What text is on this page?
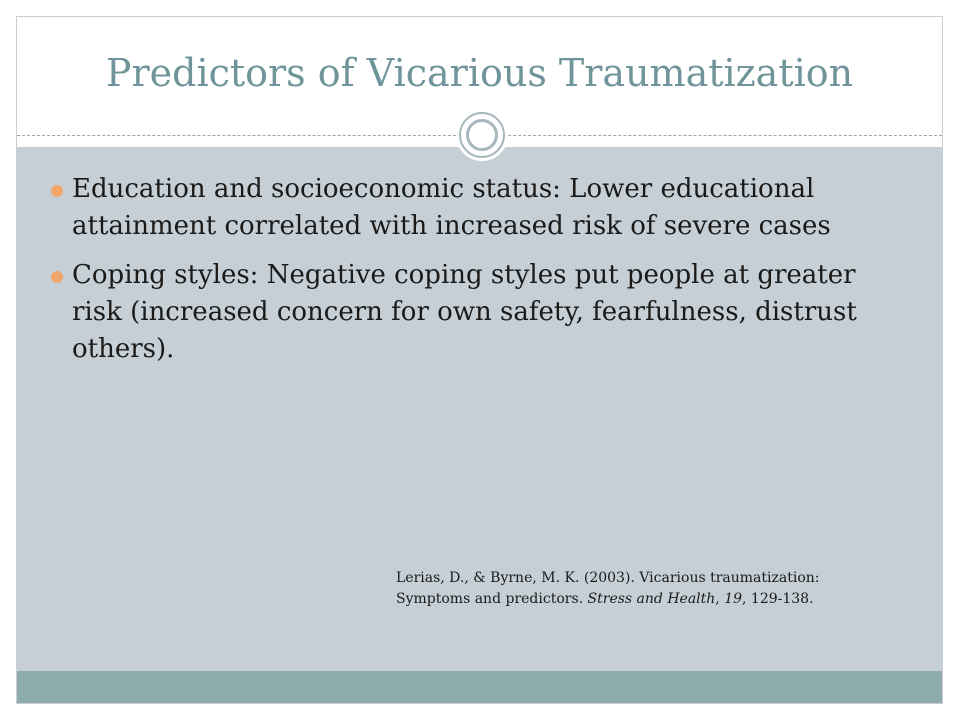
Predictors of Vicarious Traumatization
Education and socioeconomic status: Lower educational attainment correlated with increased risk of severe cases
Coping styles: Negative coping styles put people at greater risk (increased concern for own safety, fearfulness, distrust others).
Lerias, D., & Byrne, M. K. (2003). Vicarious traumatization:
Symptoms and predictors. Stress and Health, 19, 129-138.
